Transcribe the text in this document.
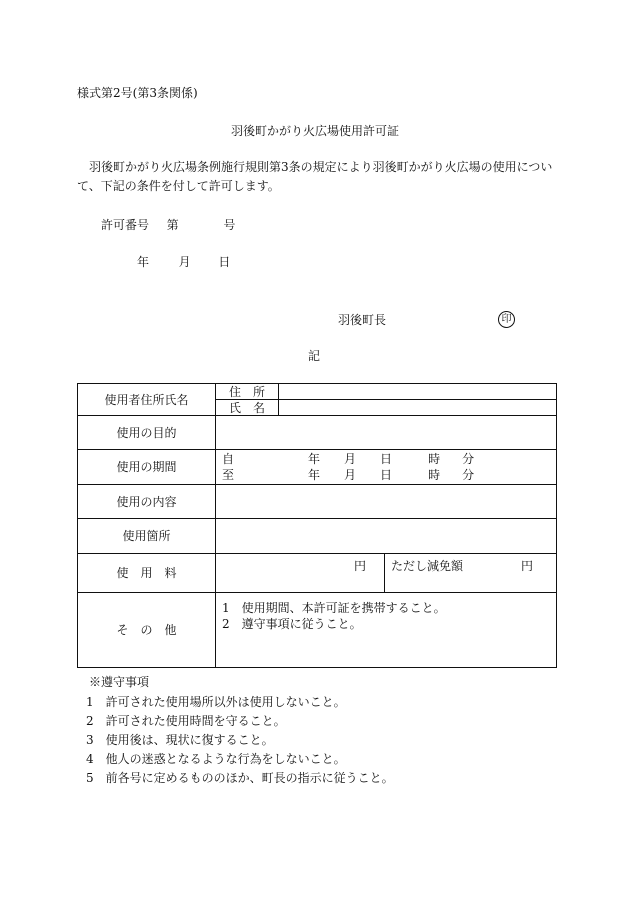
様式第2号(第3条関係)
羽後町かがり火広場使用許可証
羽後町かがり火広場条例施行規則第3条の規定により羽後町かがり火広場の使用につい
て、下記の条件を付して許可します。
許可番号 第	号
年 月 日
羽後町長	印
記
使用者住所氏名	住　所		
	氏　名		
使用の目的			
使用の期間	自 年 月 日 時 分
至 年 月 日 時 分		

使用の内容			
使用箇所			
使　用　料	円		ただし減免額 円
そ　の　他	1　使用期間、本許可証を携帯すること。
2　遵守事項に従うこと。		
※遵守事項
1　許可された使用場所以外は使用しないこと。
2　許可された使用時間を守ること。
3　使用後は、現状に復すること。
4　他人の迷惑となるような行為をしないこと。
5　前各号に定めるもののほか、町長の指示に従うこと。
